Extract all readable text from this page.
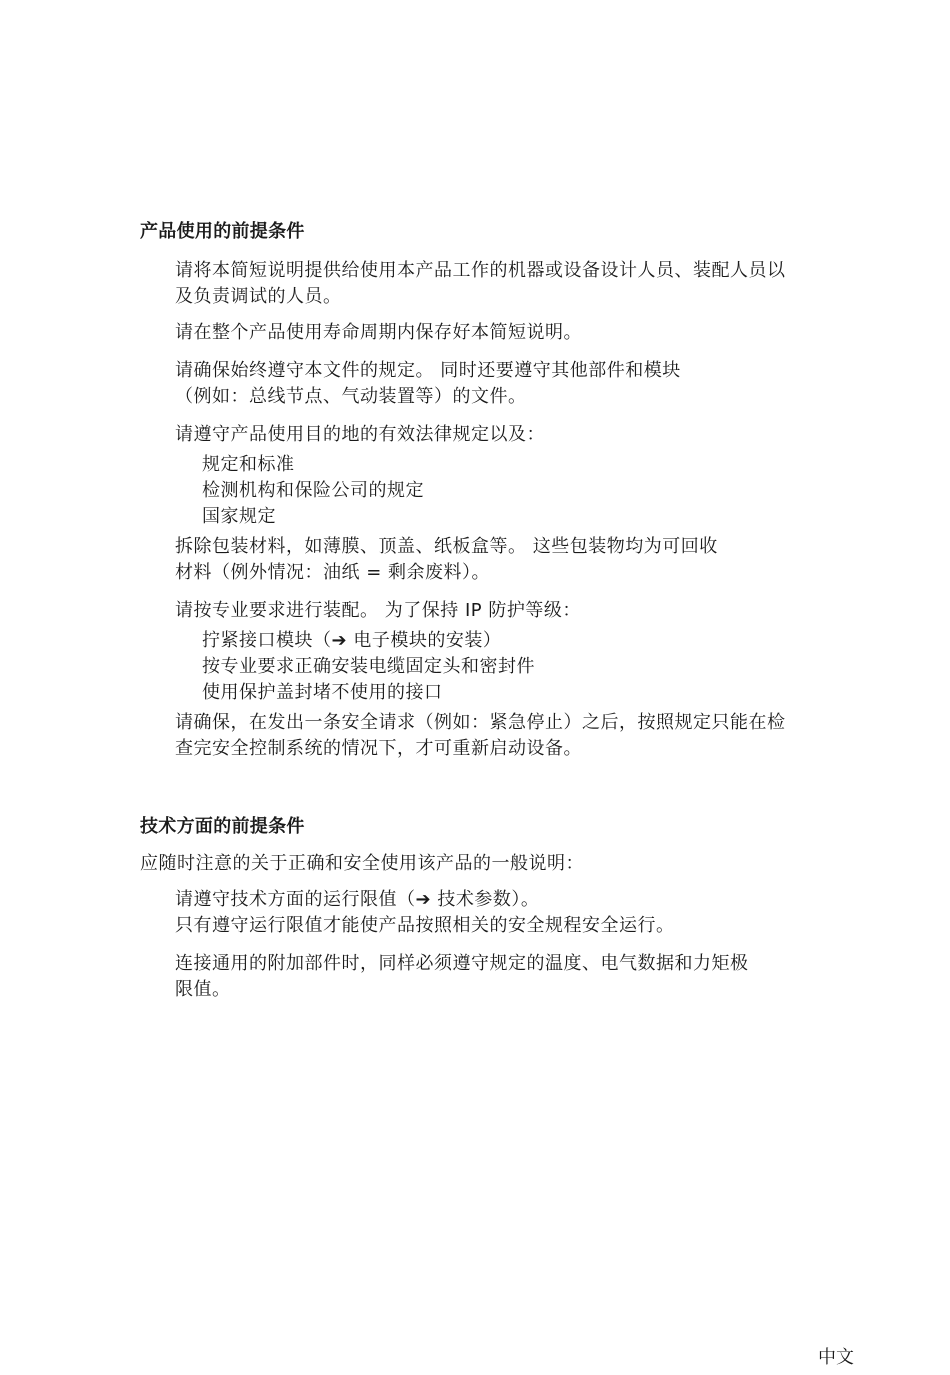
产品使用的前提条件

请将本简短说明提供给使用本产品工作的机器或设备设计人员、装配人员以
及负责调试的人员。

请在整个产品使用寿命周期内保存好本简短说明。

请确保始终遵守本文件的规定。 同时还要遵守其他部件和模块
（例如：总线节点、气动装置等）的文件。

请遵守产品使用目的地的有效法律规定以及：

规定和标准
检测机构和保险公司的规定
国家规定

拆除包装材料，如薄膜、顶盖、纸板盒等。 这些包装物均为可回收
材料（例外情况：油纸 = 剩余废料）。

请按专业要求进行装配。 为了保持 IP 防护等级：

拧紧接口模块（➔ 电子模块的安装）
按专业要求正确安装电缆固定头和密封件
使用保护盖封堵不使用的接口

请确保，在发出一条安全请求（例如：紧急停止）之后，按照规定只能在检
查完安全控制系统的情况下，才可重新启动设备。

技术方面的前提条件

应随时注意的关于正确和安全使用该产品的一般说明：

请遵守技术方面的运行限值（➔ 技术参数）。
只有遵守运行限值才能使产品按照相关的安全规程安全运行。

连接通用的附加部件时，同样必须遵守规定的温度、电气数据和力矩极
限值。

中文
